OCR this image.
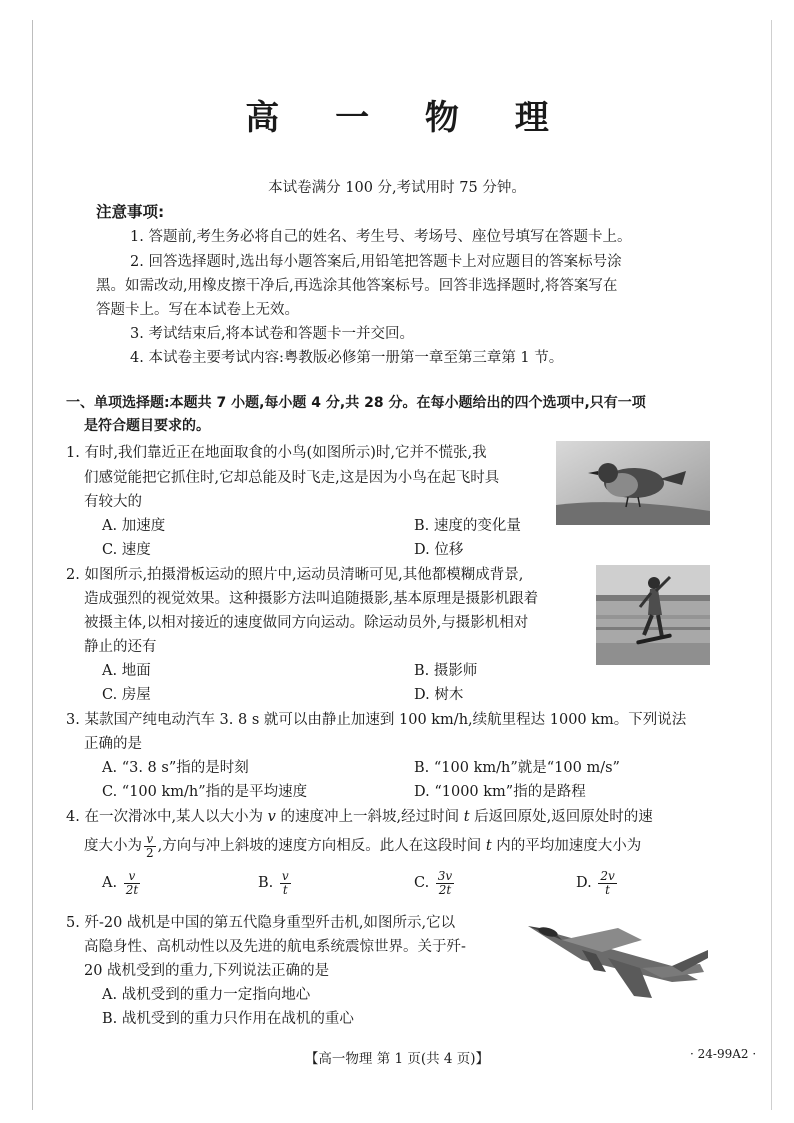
高 一 物 理
本试卷满分 100 分,考试用时 75 分钟。
注意事项:
1. 答题前,考生务必将自己的姓名、考生号、考场号、座位号填写在答题卡上。
2. 回答选择题时,选出每小题答案后,用铅笔把答题卡上对应题目的答案标号涂
黑。如需改动,用橡皮擦干净后,再选涂其他答案标号。回答非选择题时,将答案写在
答题卡上。写在本试卷上无效。
3. 考试结束后,将本试卷和答题卡一并交回。
4. 本试卷主要考试内容:粤教版必修第一册第一章至第三章第 1 节。
一、单项选择题:本题共 7 小题,每小题 4 分,共 28 分。在每小题给出的四个选项中,只有一项
是符合题目要求的。
1. 有时,我们靠近正在地面取食的小鸟(如图所示)时,它并不慌张,我
们感觉能把它抓住时,它却总能及时飞走,这是因为小鸟在起飞时具
有较大的
A. 加速度	B. 速度的变化量
C. 速度	D. 位移
2. 如图所示,拍摄滑板运动的照片中,运动员清晰可见,其他都模糊成背景,
造成强烈的视觉效果。这种摄影方法叫追随摄影,基本原理是摄影机跟着
被摄主体,以相对接近的速度做同方向运动。除运动员外,与摄影机相对
静止的还有
A. 地面	B. 摄影师
C. 房屋	D. 树木
3. 某款国产纯电动汽车 3. 8 s 就可以由静止加速到 100 km/h,续航里程达 1000 km。下列说法
正确的是
A. “3. 8 s”指的是时刻	B. “100 km/h”就是“100 m/s”
C. “100 km/h”指的是平均速度	D. “1000 km”指的是路程
4. 在一次滑冰中,某人以大小为 v 的速度冲上一斜坡,经过时间 t 后返回原处,返回原处时的速
度大小为 $\frac{v}{2}$ ,方向与冲上斜坡的速度方向相反。此人在这段时间 t 内的平均加速度大小为
A. $\frac{v}{2t}$	B. $\frac{v}{t}$	C. $\frac{3v}{2t}$	D. $\frac{2v}{t}$
5. 歼-20 战机是中国的第五代隐身重型歼击机,如图所示,它以
高隐身性、高机动性以及先进的航电系统震惊世界。关于歼-
20 战机受到的重力,下列说法正确的是
A. 战机受到的重力一定指向地心
B. 战机受到的重力只作用在战机的重心
【高一物理 第 1 页(共 4 页)】	· 24-99A2 ·
